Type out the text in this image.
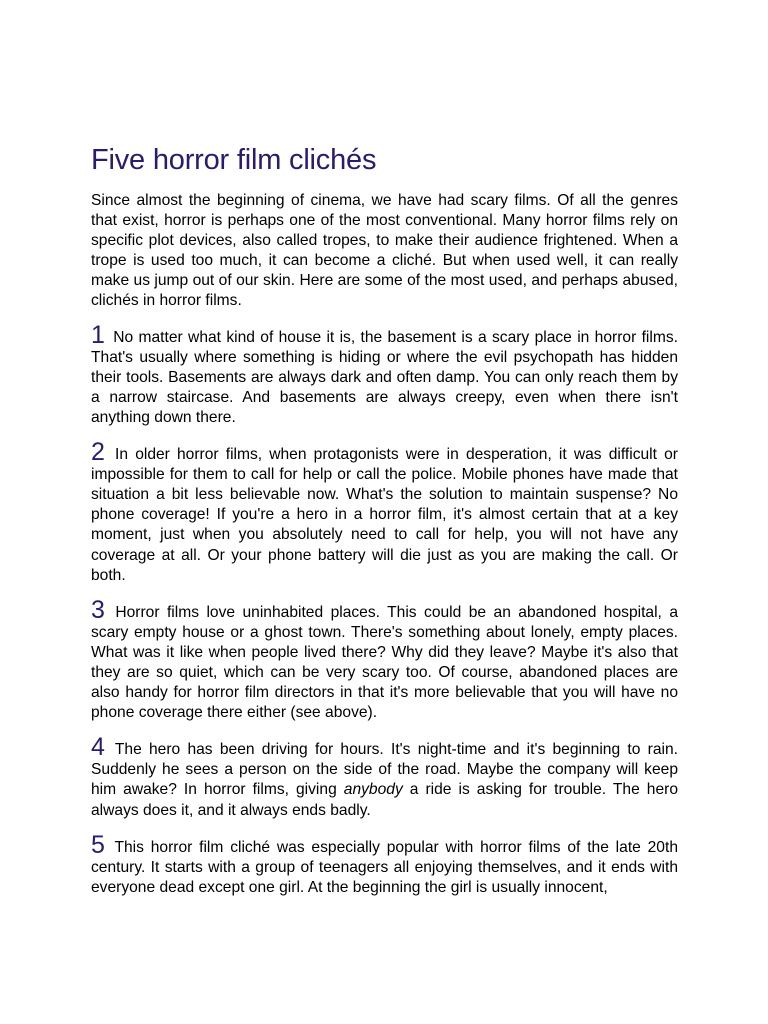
Five horror film clichés

Since almost the beginning of cinema, we have had scary films. Of all the genres that exist, horror is perhaps one of the most conventional. Many horror films rely on specific plot devices, also called tropes, to make their audience frightened. When a trope is used too much, it can become a cliché. But when used well, it can really make us jump out of our skin. Here are some of the most used, and perhaps abused, clichés in horror films.

1 No matter what kind of house it is, the basement is a scary place in horror films. That's usually where something is hiding or where the evil psychopath has hidden their tools. Basements are always dark and often damp. You can only reach them by a narrow staircase. And basements are always creepy, even when there isn't anything down there.

2 In older horror films, when protagonists were in desperation, it was difficult or impossible for them to call for help or call the police. Mobile phones have made that situation a bit less believable now. What's the solution to maintain suspense? No phone coverage! If you're a hero in a horror film, it's almost certain that at a key moment, just when you absolutely need to call for help, you will not have any coverage at all. Or your phone battery will die just as you are making the call. Or both.

3 Horror films love uninhabited places. This could be an abandoned hospital, a scary empty house or a ghost town. There's something about lonely, empty places. What was it like when people lived there? Why did they leave? Maybe it's also that they are so quiet, which can be very scary too. Of course, abandoned places are also handy for horror film directors in that it's more believable that you will have no phone coverage there either (see above).

4 The hero has been driving for hours. It's night-time and it's beginning to rain. Suddenly he sees a person on the side of the road. Maybe the company will keep him awake? In horror films, giving anybody a ride is asking for trouble. The hero always does it, and it always ends badly.

5 This horror film cliché was especially popular with horror films of the late 20th century. It starts with a group of teenagers all enjoying themselves, and it ends with everyone dead except one girl. At the beginning the girl is usually innocent,
